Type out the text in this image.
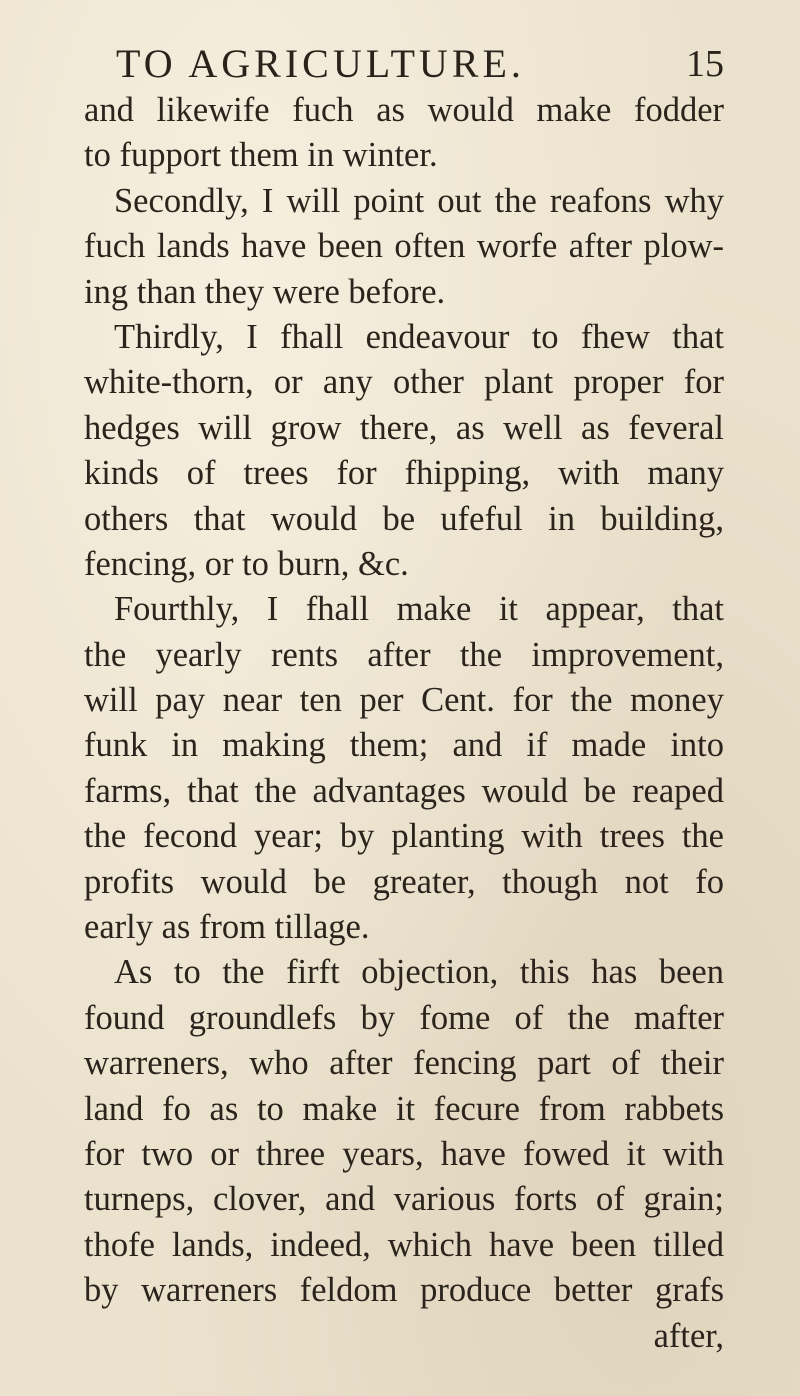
TO AGRICULTURE.	15
and likewife fuch as would make fodder
to fupport them in winter.
Secondly, I will point out the reafons why
fuch lands have been often worfe after plow-
ing than they were before.
Thirdly, I fhall endeavour to fhew that
white-thorn, or any other plant proper for
hedges will grow there, as well as feveral
kinds of trees for fhipping, with many
others that would be ufeful in building,
fencing, or to burn, &c.
Fourthly, I fhall make it appear, that
the yearly rents after the improvement,
will pay near ten per Cent. for the money
funk in making them; and if made into
farms, that the advantages would be reaped
the fecond year; by planting with trees the
profits would be greater, though not fo
early as from tillage.
As to the firft objection, this has been
found groundlefs by fome of the mafter
warreners, who after fencing part of their
land fo as to make it fecure from rabbets
for two or three years, have fowed it with
turneps, clover, and various forts of grain;
thofe lands, indeed, which have been tilled
by warreners feldom produce better grafs
after,
